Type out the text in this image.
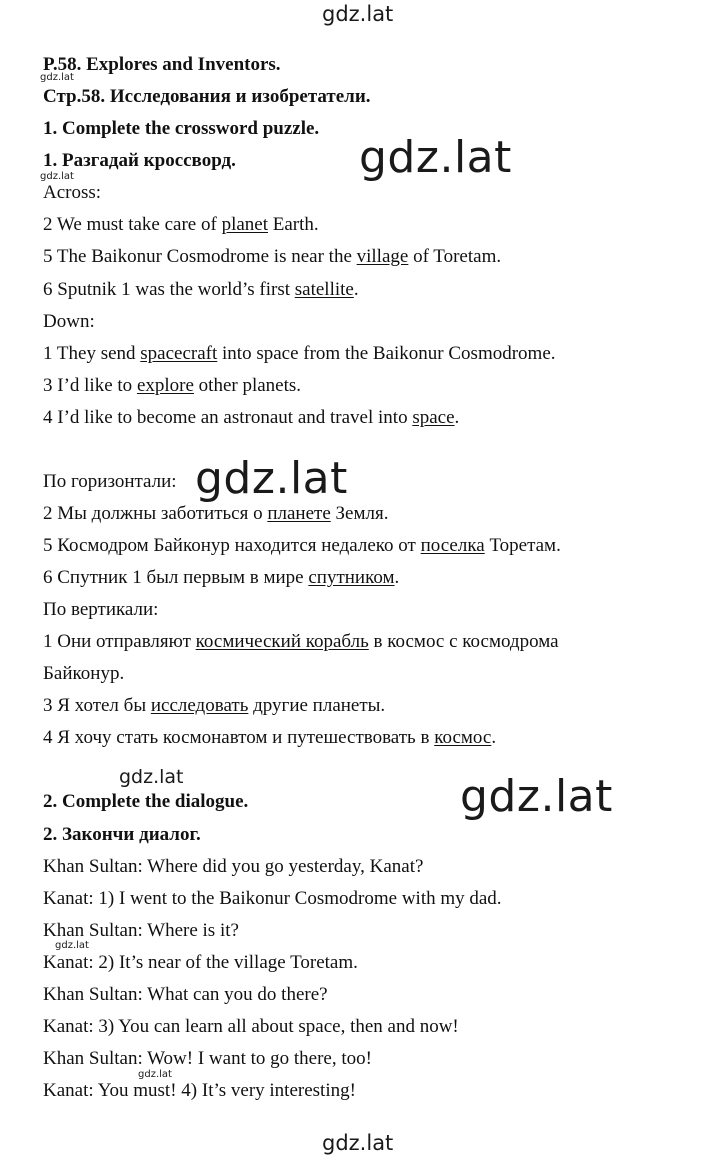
gdz.lat
gdz.lat
gdz.lat
gdz.lat
gdz.lat
gdz.lat	gdz.lat
gdz.lat
gdz.lat
gdz.lat
P.58. Explores and Inventors.
Стр.58. Исследования и изобретатели.
1. Complete the crossword puzzle.
1. Разгадай кроссворд.
Across:
2 We must take care of planet Earth.
5 The Baikonur Cosmodrome is near the village of Toretam.
6 Sputnik 1 was the world’s first satellite.
Down:
1 They send spacecraft into space from the Baikonur Cosmodrome.
3 I’d like to explore other planets.
4 I’d like to become an astronaut and travel into space.
По горизонтали:
2 Мы должны заботиться о планете Земля.
5 Космодром Байконур находится недалеко от поселка Торетам.
6 Спутник 1 был первым в мире спутником.
По вертикали:
1 Они отправляют космический корабль в космос с космодрома
Байконур.
3 Я хотел бы исследовать другие планеты.
4 Я хочу стать космонавтом и путешествовать в космос.
2. Complete the dialogue.
2. Закончи диалог.
Khan Sultan: Where did you go yesterday, Kanat?
Kanat: 1) I went to the Baikonur Cosmodrome with my dad.
Khan Sultan: Where is it?
Kanat: 2) It’s near of the village Toretam.
Khan Sultan: What can you do there?
Kanat: 3) You can learn all about space, then and now!
Khan Sultan: Wow! I want to go there, too!
Kanat: You must! 4) It’s very interesting!
